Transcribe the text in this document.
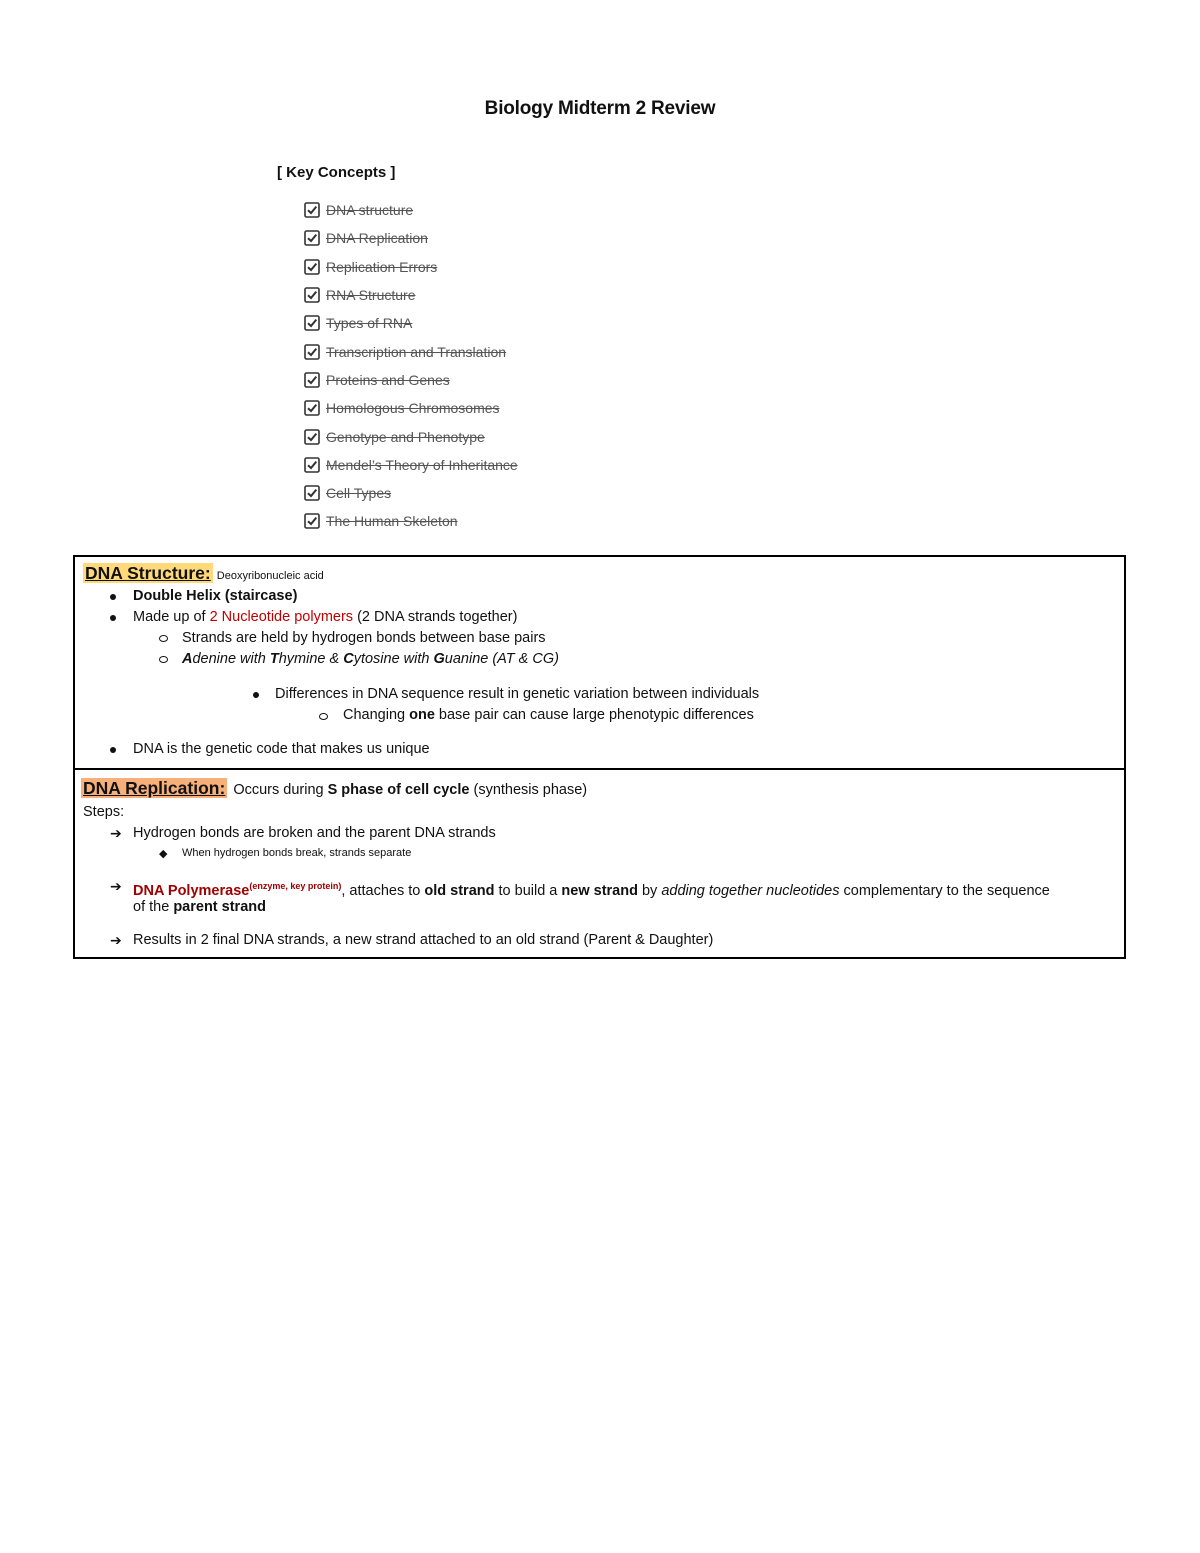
Biology Midterm 2 Review
[ Key Concepts ]
DNA structure
DNA Replication
Replication Errors
RNA Structure
Types of RNA
Transcription and Translation
Proteins and Genes
Homologous Chromosomes
Genotype and Phenotype
Mendel’s Theory of Inheritance
Cell Types
The Human Skeleton
DNA Structure: Deoxyribonucleic acid
Double Helix (staircase)
Made up of 2 Nucleotide polymers (2 DNA strands together)
Strands are held by hydrogen bonds between base pairs
Adenine with Thymine & Cytosine with Guanine (AT & CG)
Differences in DNA sequence result in genetic variation between individuals
Changing one base pair can cause large phenotypic differences
DNA is the genetic code that makes us unique
DNA Replication: Occurs during S phase of cell cycle (synthesis phase)
Steps:
➔ Hydrogen bonds are broken and the parent DNA strands
◆ When hydrogen bonds break, strands separate
➔ DNA Polymerase$^{(enzyme, key protein)}$, attaches to old strand to build a new strand by adding together nucleotides complementary to the sequence
of the parent strand
➔ Results in 2 final DNA strands, a new strand attached to an old strand (Parent & Daughter)
